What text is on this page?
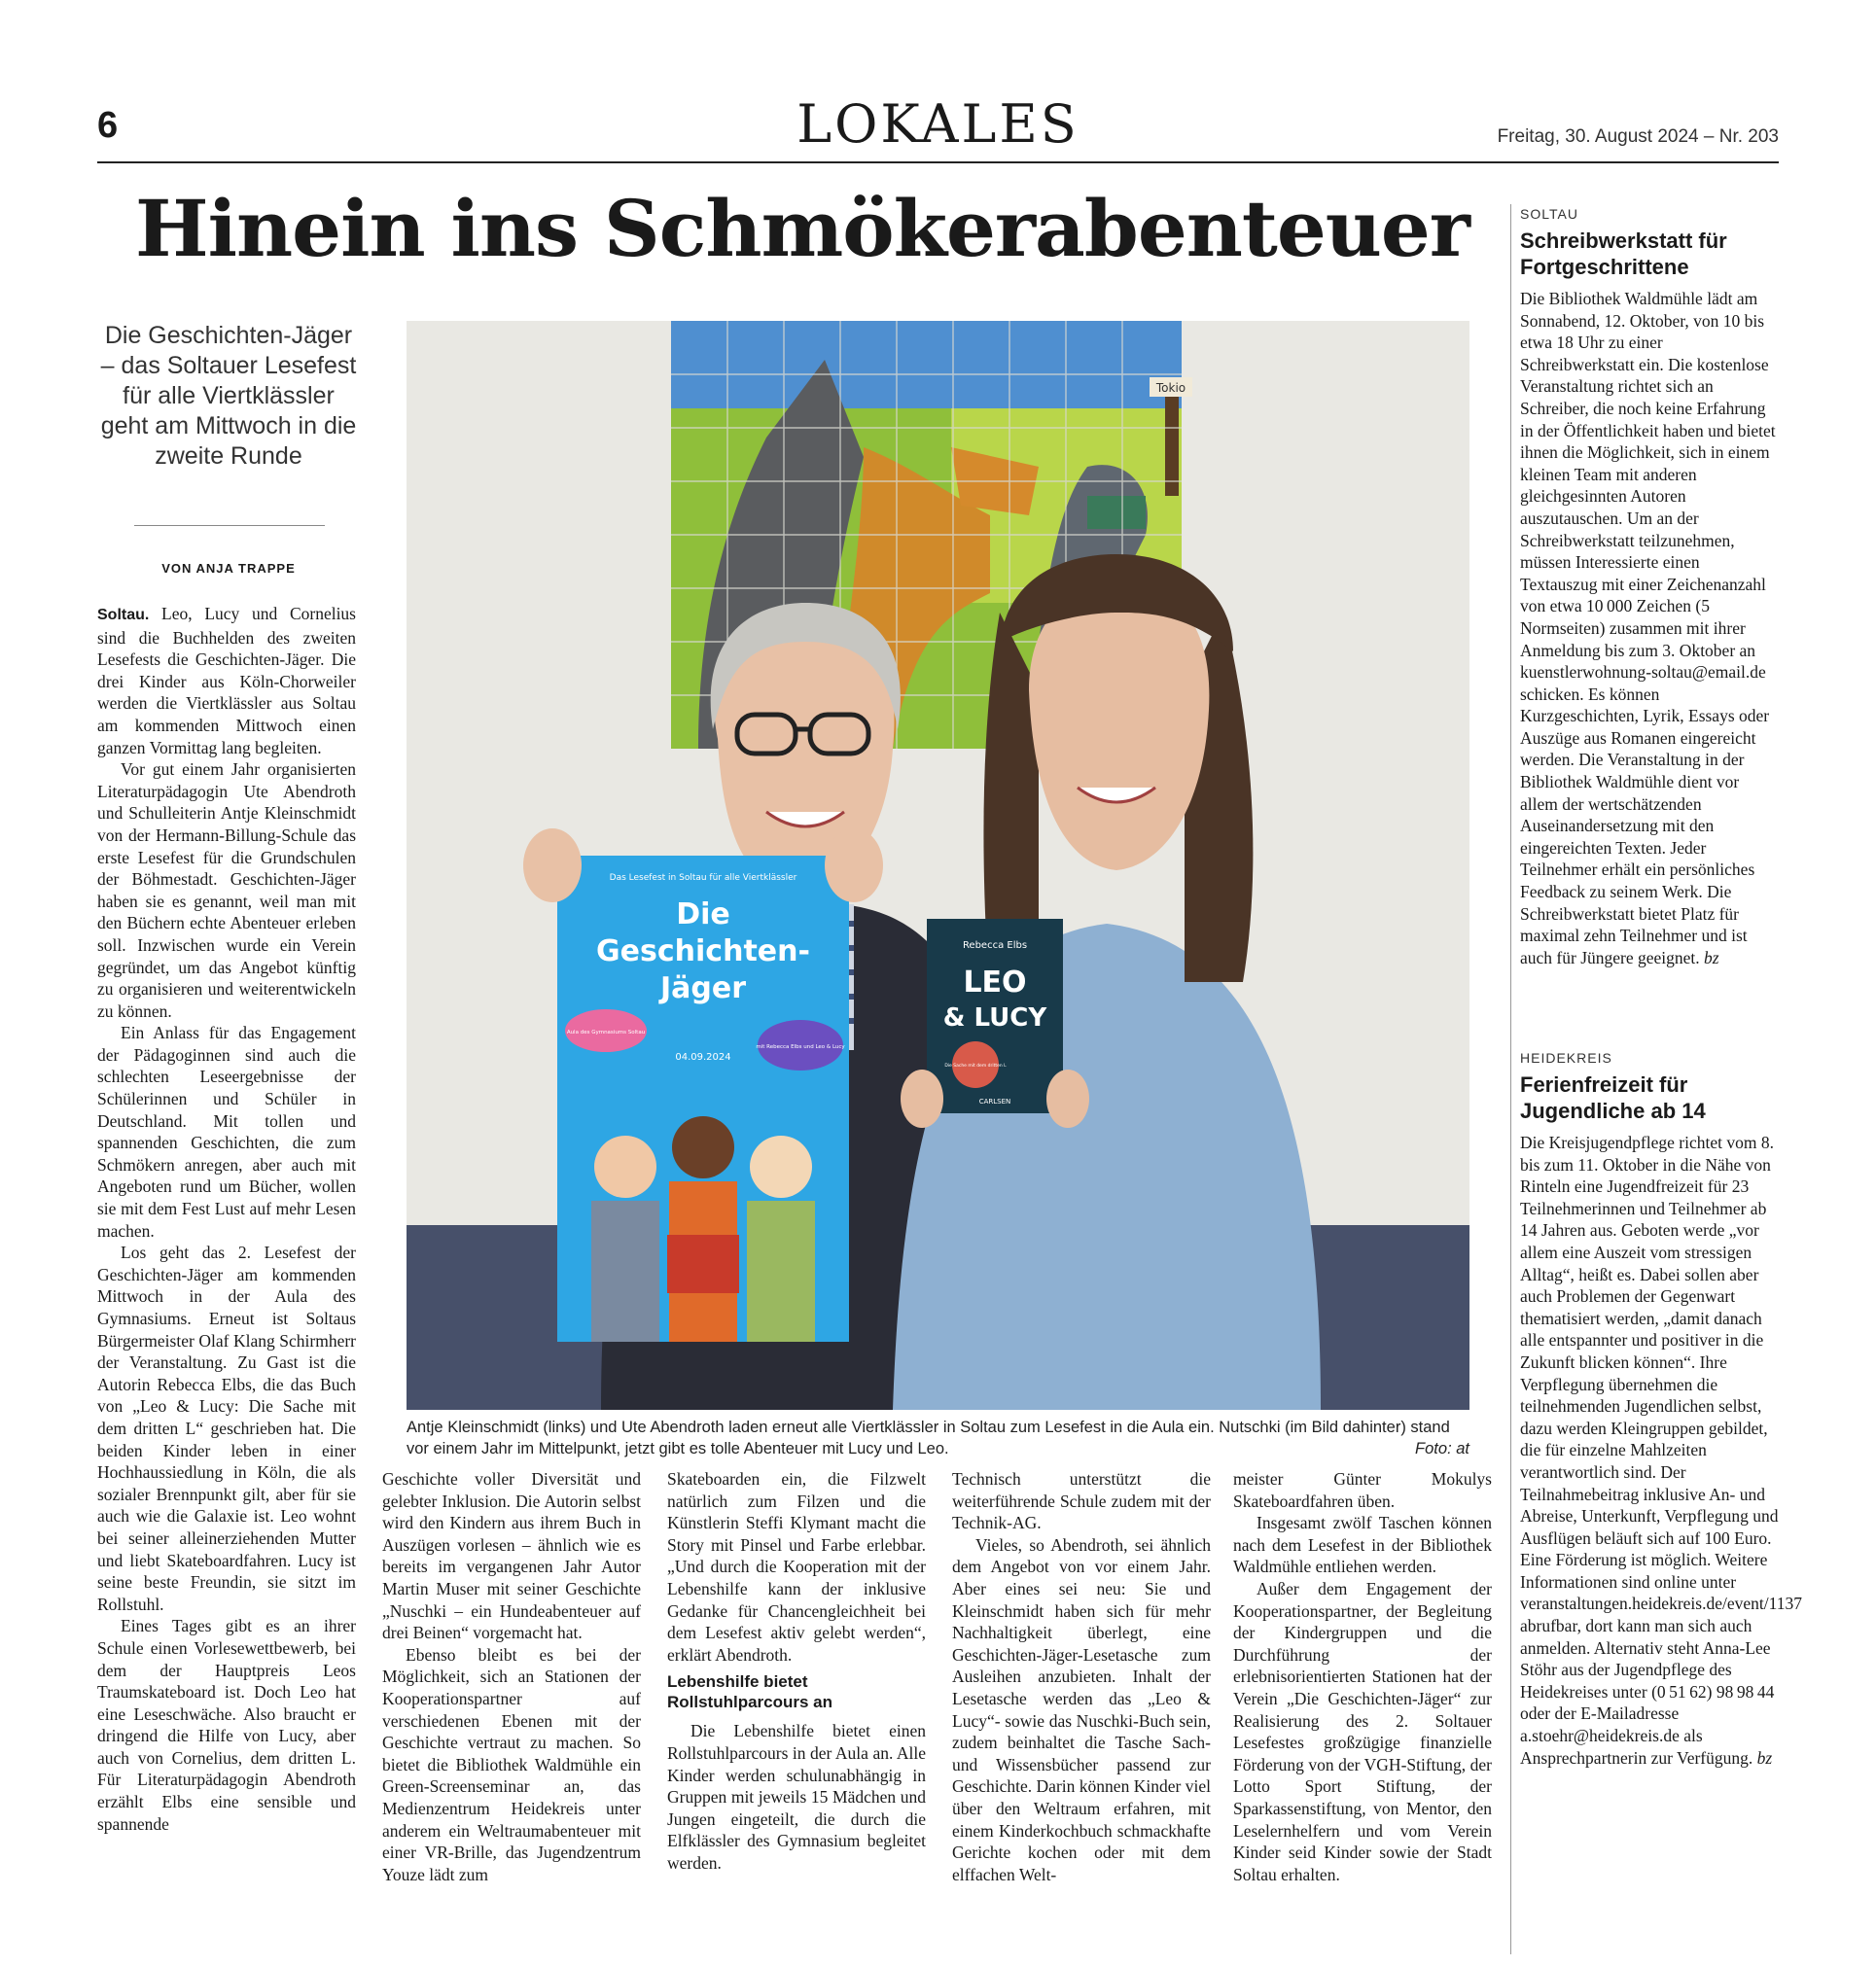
6	LOKALES	Freitag, 30. August 2024 – Nr. 203
Hinein ins Schmökerabenteuer
Die Geschichten-Jäger – das Soltauer Lesefest für alle Viertklässler geht am Mittwoch in die zweite Runde
VON ANJA TRAPPE

Soltau. Leo, Lucy und Cornelius sind die Buchhelden des zweiten Lesefests die Geschichten-Jäger. Die drei Kinder aus Köln-Chorweiler werden die Viertklässler aus Soltau am kommenden Mittwoch einen ganzen Vormittag lang begleiten.

Vor gut einem Jahr organisierten Literaturpädagogin Ute Abendroth und Schulleiterin Antje Kleinschmidt von der Hermann-Billung-Schule das erste Lesefest für die Grundschulen der Böhmestadt. Geschichten-Jäger haben sie es genannt, weil man mit den Büchern echte Abenteuer erleben soll. Inzwischen wurde ein Verein gegründet, um das Angebot künftig zu organisieren und weiterentwickeln zu können.

Ein Anlass für das Engagement der Pädagoginnen sind auch die schlechten Leseergebnisse der Schülerinnen und Schüler in Deutschland. Mit tollen und spannenden Geschichten, die zum Schmökern anregen, aber auch mit Angeboten rund um Bücher, wollen sie mit dem Fest Lust auf mehr Lesen machen.

Los geht das 2. Lesefest der Geschichten-Jäger am kommenden Mittwoch in der Aula des Gymnasiums. Erneut ist Soltaus Bürgermeister Olaf Klang Schirmherr der Veranstaltung. Zu Gast ist die Autorin Rebecca Elbs, die das Buch von „Leo & Lucy: Die Sache mit dem dritten L“ geschrieben hat. Die beiden Kinder leben in einer Hochhaussiedlung in Köln, die als sozialer Brennpunkt gilt, aber für sie auch wie die Galaxie ist. Leo wohnt bei seiner alleinerziehenden Mutter und liebt Skateboardfahren. Lucy ist seine beste Freundin, sie sitzt im Rollstuhl.

Eines Tages gibt es an ihrer Schule einen Vorlesewettbewerb, bei dem der Hauptpreis Leos Traumskateboard ist. Doch Leo hat eine Leseschwäche. Also braucht er dringend die Hilfe von Lucy, aber auch von Cornelius, dem dritten L. Für Literaturpädagogin Abendroth erzählt Elbs eine sensible und spannende

Tokio
Das Lesefest in Soltau für alle Viertklässler
Die
Geschichten-
Jäger
Aula des Gymnasiums Soltau
mit Rebecca Elbs und Leo & Lucy
04.09.2024
Rebecca Elbs
LEO
& LUCY
Die Sache mit dem dritten L
CARLSEN
Antje Kleinschmidt (links) und Ute Abendroth laden erneut alle Viertklässler in Soltau zum Lesefest in die Aula ein. Nutschki (im Bild dahinter) stand vor einem Jahr im Mittelpunkt, jetzt gibt es tolle Abenteuer mit Lucy und Leo.	Foto: at

Geschichte voller Diversität und gelebter Inklusion. Die Autorin selbst wird den Kindern aus ihrem Buch in Auszügen vorlesen – ähnlich wie es bereits im vergangenen Jahr Autor Martin Muser mit seiner Geschichte „Nuschki – ein Hundeabenteuer auf drei Beinen“ vorgemacht hat.

Ebenso bleibt es bei der Möglichkeit, sich an Stationen der Kooperationspartner auf verschiedenen Ebenen mit der Geschichte vertraut zu machen. So bietet die Bibliothek Waldmühle ein Green-Screenseminar an, das Medienzentrum Heidekreis unter anderem ein Weltraumabenteuer mit einer VR-Brille, das Jugendzentrum Youze lädt zum

Skateboarden ein, die Filzwelt natürlich zum Filzen und die Künstlerin Steffi Klymant macht die Story mit Pinsel und Farbe erlebbar. „Und durch die Kooperation mit der Lebenshilfe kann der inklusive Gedanke für Chancengleichheit bei dem Lesefest aktiv gelebt werden“, erklärt Abendroth.

Lebenshilfe bietet Rollstuhlparcours an

Die Lebenshilfe bietet einen Rollstuhlparcours in der Aula an. Alle Kinder werden schulunabhängig in Gruppen mit jeweils 15 Mädchen und Jungen eingeteilt, die durch die Elfklässler des Gymnasium begleitet werden.

Technisch unterstützt die weiterführende Schule zudem mit der Technik-AG.

Vieles, so Abendroth, sei ähnlich dem Angebot von vor einem Jahr. Aber eines sei neu: Sie und Kleinschmidt haben sich für mehr Nachhaltigkeit überlegt, eine Geschichten-Jäger-Lesetasche zum Ausleihen anzubieten. Inhalt der Lesetasche werden das „Leo & Lucy“- sowie das Nuschki-Buch sein, zudem beinhaltet die Tasche Sach- und Wissensbücher passend zur Geschichte. Darin können Kinder viel über den Weltraum erfahren, mit einem Kinderkochbuch schmackhafte Gerichte kochen oder mit dem elffachen Welt-

meister Günter Mokulys Skateboardfahren üben.

Insgesamt zwölf Taschen können nach dem Lesefest in der Bibliothek Waldmühle entliehen werden.

Außer dem Engagement der Kooperationspartner, der Begleitung der Kindergruppen und die Durchführung der erlebnisorientierten Stationen hat der Verein „Die Geschichten-Jäger“ zur Realisierung des 2. Soltauer Lesefestes großzügige finanzielle Förderung von der VGH-Stiftung, der Lotto Sport Stiftung, der Sparkassenstiftung, von Mentor, den Leselernhelfern und vom Verein Kinder seid Kinder sowie der Stadt Soltau erhalten.

SOLTAU
Schreibwerkstatt für Fortgeschrittene
Die Bibliothek Waldmühle lädt am Sonnabend, 12. Oktober, von 10 bis etwa 18 Uhr zu einer Schreibwerkstatt ein. Die kostenlose Veranstaltung richtet sich an Schreiber, die noch keine Erfahrung in der Öffentlichkeit haben und bietet ihnen die Möglichkeit, sich in einem kleinen Team mit anderen gleichgesinnten Autoren auszutauschen. Um an der Schreibwerkstatt teilzunehmen, müssen Interessierte einen Textauszug mit einer Zeichenanzahl von etwa 10 000 Zeichen (5 Normseiten) zusammen mit ihrer Anmeldung bis zum 3. Oktober an kuenstlerwohnung-soltau@email.de schicken. Es können Kurzgeschichten, Lyrik, Essays oder Auszüge aus Romanen eingereicht werden. Die Veranstaltung in der Bibliothek Waldmühle dient vor allem der wertschätzenden Auseinandersetzung mit den eingereichten Texten. Jeder Teilnehmer erhält ein persönliches Feedback zu seinem Werk. Die Schreibwerkstatt bietet Platz für maximal zehn Teilnehmer und ist auch für Jüngere geeignet. bz
HEIDEKREIS
Ferienfreizeit für Jugendliche ab 14
Die Kreisjugendpflege richtet vom 8. bis zum 11. Oktober in die Nähe von Rinteln eine Jugendfreizeit für 23 Teilnehmerinnen und Teilnehmer ab 14 Jahren aus. Geboten werde „vor allem eine Auszeit vom stressigen Alltag“, heißt es. Dabei sollen aber auch Problemen der Gegenwart thematisiert werden, „damit danach alle entspannter und positiver in die Zukunft blicken können“. Ihre Verpflegung übernehmen die teilnehmenden Jugendlichen selbst, dazu werden Kleingruppen gebildet, die für einzelne Mahlzeiten verantwortlich sind. Der Teilnahmebeitrag inklusive An- und Abreise, Unterkunft, Verpflegung und Ausflügen beläuft sich auf 100 Euro. Eine Förderung ist möglich. Weitere Informationen sind online unter veranstaltungen.heidekreis.de/event/1137 abrufbar, dort kann man sich auch anmelden. Alternativ steht Anna-Lee Stöhr aus der Jugendpflege des Heidekreises unter (0 51 62) 98 98 44 oder der E-Mailadresse a.stoehr@heidekreis.de als Ansprechpartnerin zur Verfügung. bz
